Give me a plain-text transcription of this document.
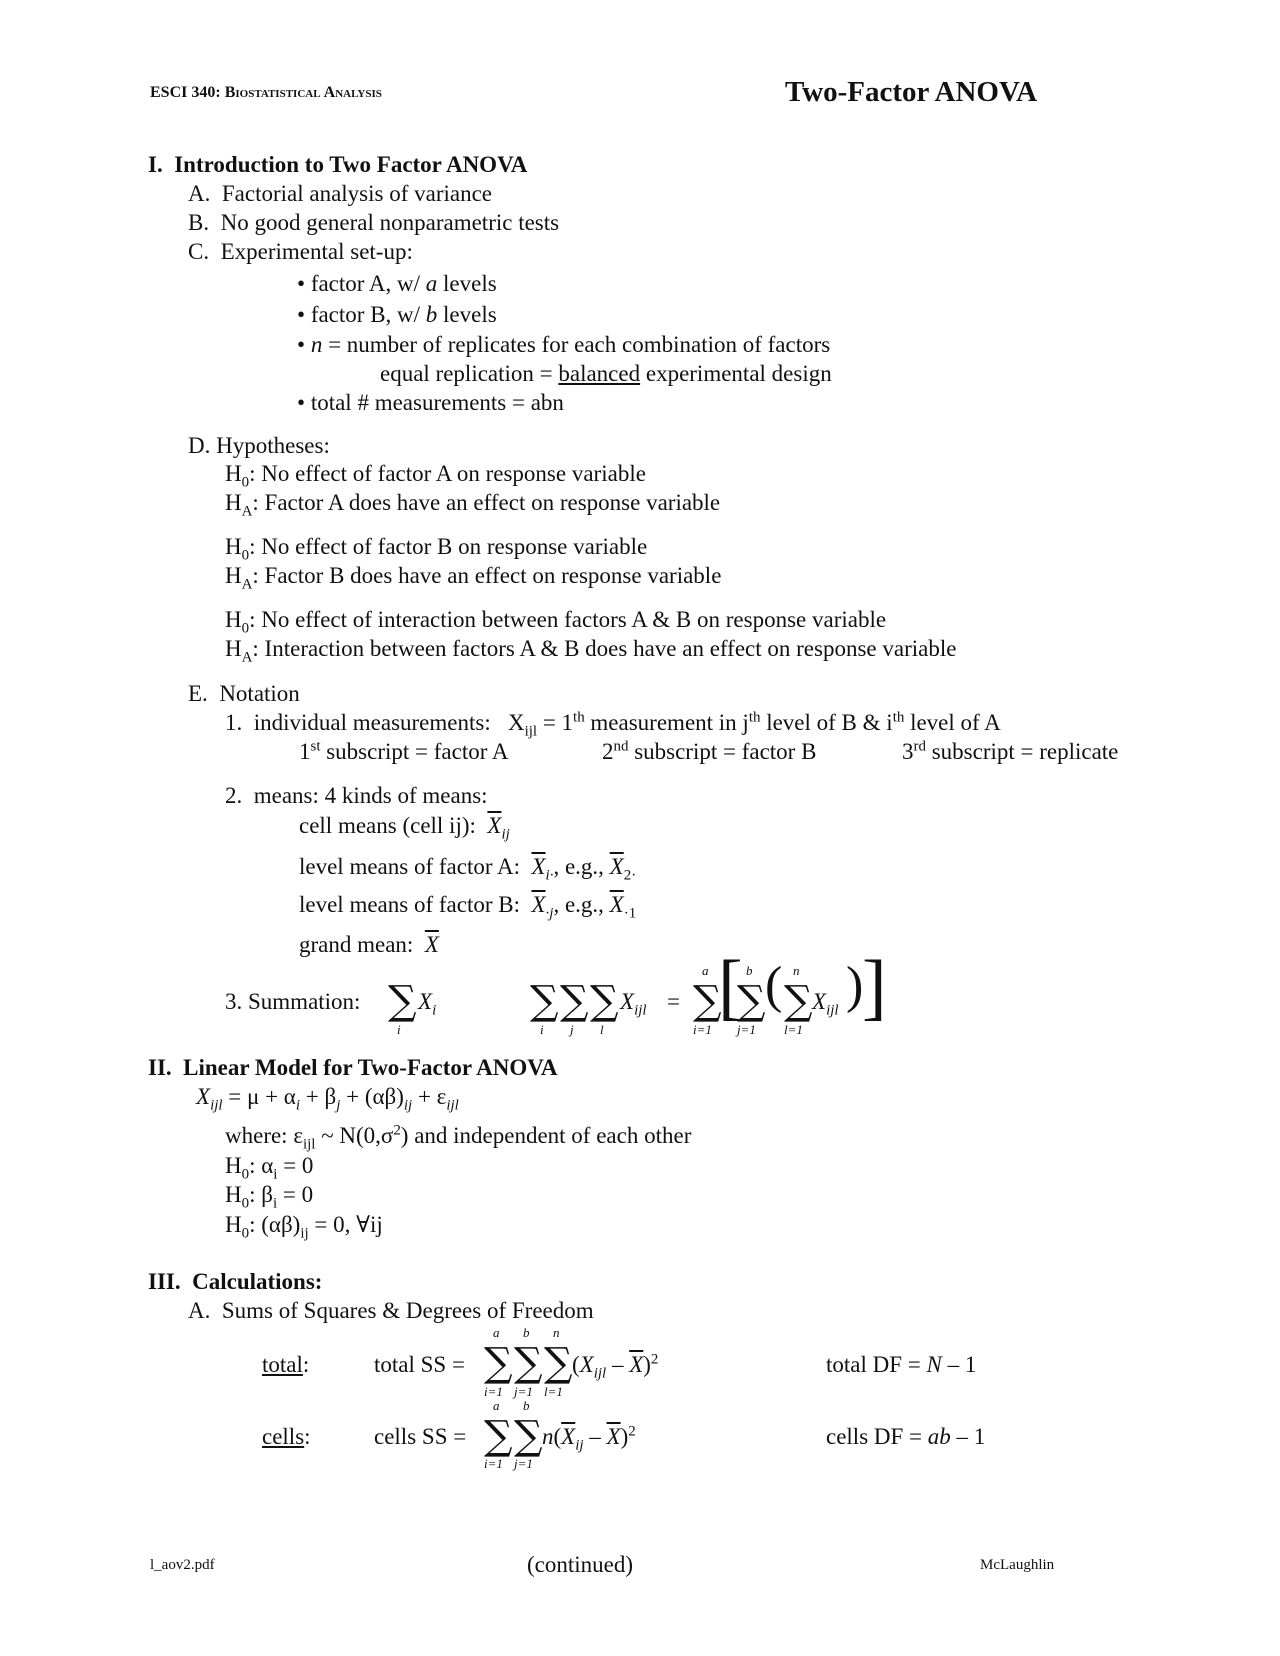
ESCI 340: Biostatistical Analysis	Two-Factor ANOVA
I. Introduction to Two Factor ANOVA
A. Factorial analysis of variance
B. No good general nonparametric tests
C. Experimental set-up:
• factor A, w/ a levels
• factor B, w/ b levels
• n = number of replicates for each combination of factors
equal replication = balanced experimental design
• total # measurements = abn
D. Hypotheses:
$H_0$: No effect of factor A on response variable
$H_A$: Factor A does have an effect on response variable
$H_0$: No effect of factor B on response variable
$H_A$: Factor B does have an effect on response variable
$H_0$: No effect of interaction between factors A & B on response variable
$H_A$: Interaction between factors A & B does have an effect on response variable
E. Notation
1. individual measurements: $X_{ijl} = 1th$ measurement in $j^{th}$ level of B & $i^{th}$ level of A
1st subscript = factor A	2nd subscript = factor B	3rd subscript = replicate
2. means: 4 kinds of means:
cell means (cell ij): $\overline{X}_{ij}$
level means of factor A: $\overline{X}_{i\cdot}$, e.g., $\overline{X}_{2\cdot}$
level means of factor B: $\overline{X}_{\cdot j}$, e.g., $\overline{X}_{\cdot 1}$
grand mean: $\overline{X}$
3. Summation: ∑
i
$X_i$ ∑ ∑ ∑
i j l
$X_{ijl}$ =
a
∑
i=1
[ b
∑
j=1
( n
∑
l=1
$X_{ijl}$ )
]
II. Linear Model for Two-Factor ANOVA
$X_{ijl} = \mu + \alpha_i + \beta_j + (\alpha\beta)_{ij} + \varepsilon_{ijl}$
where: $\varepsilon_{ijl}$ ~ $N(0,\sigma^2)$ and independent of each other
$H_0$: $\alpha_i = 0$
$H_0$: $\beta_i = 0$
$H_0$: $(\alpha\beta)_{ij} = 0$, ∀ij
III. Calculations:
A. Sums of Squares & Degrees of Freedom
total:	total SS =
a b n
∑ ∑ ∑
i=1 j=1 l=1
$(X_{ijl} - \overline{X})^2$	total DF = N – 1
cells:	cells SS =
a b
∑ ∑
i=1 j=1
$n(\overline{X}_{ij} - \overline{X})^2$	cells DF = ab – 1
l_aov2.pdf	(continued)	McLaughlin
